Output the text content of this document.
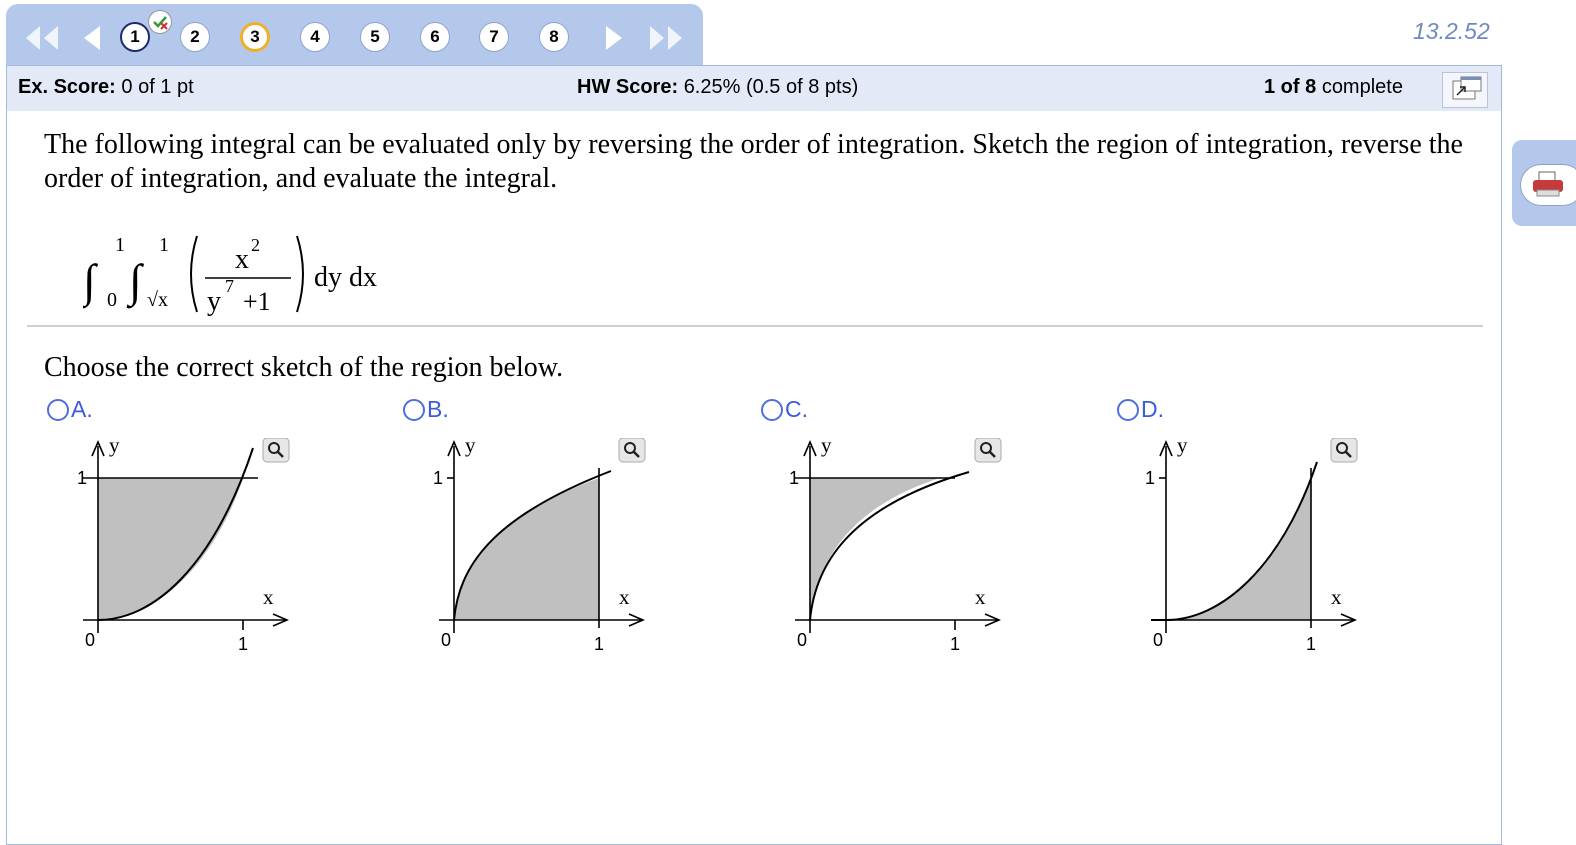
1	2	3	4	5	6	7	8	13.2.52
Ex. Score: 0 of 1 pt	HW Score: 6.25% (0.5 of 8 pts)	1 of 8 complete
The following integral can be evaluated only by reversing the order of integration. Sketch the region of integration, reverse the order of integration, and evaluate the integral.
∫
1
0 ∫
1
√x
x 2
y 7
+1
dy dx
Choose the correct sketch of the region below.
A.	B.	C.	D.
y
x
0	1
1
y
x
0	1
1
y
x
0	1
1
y
x
0	1
1
